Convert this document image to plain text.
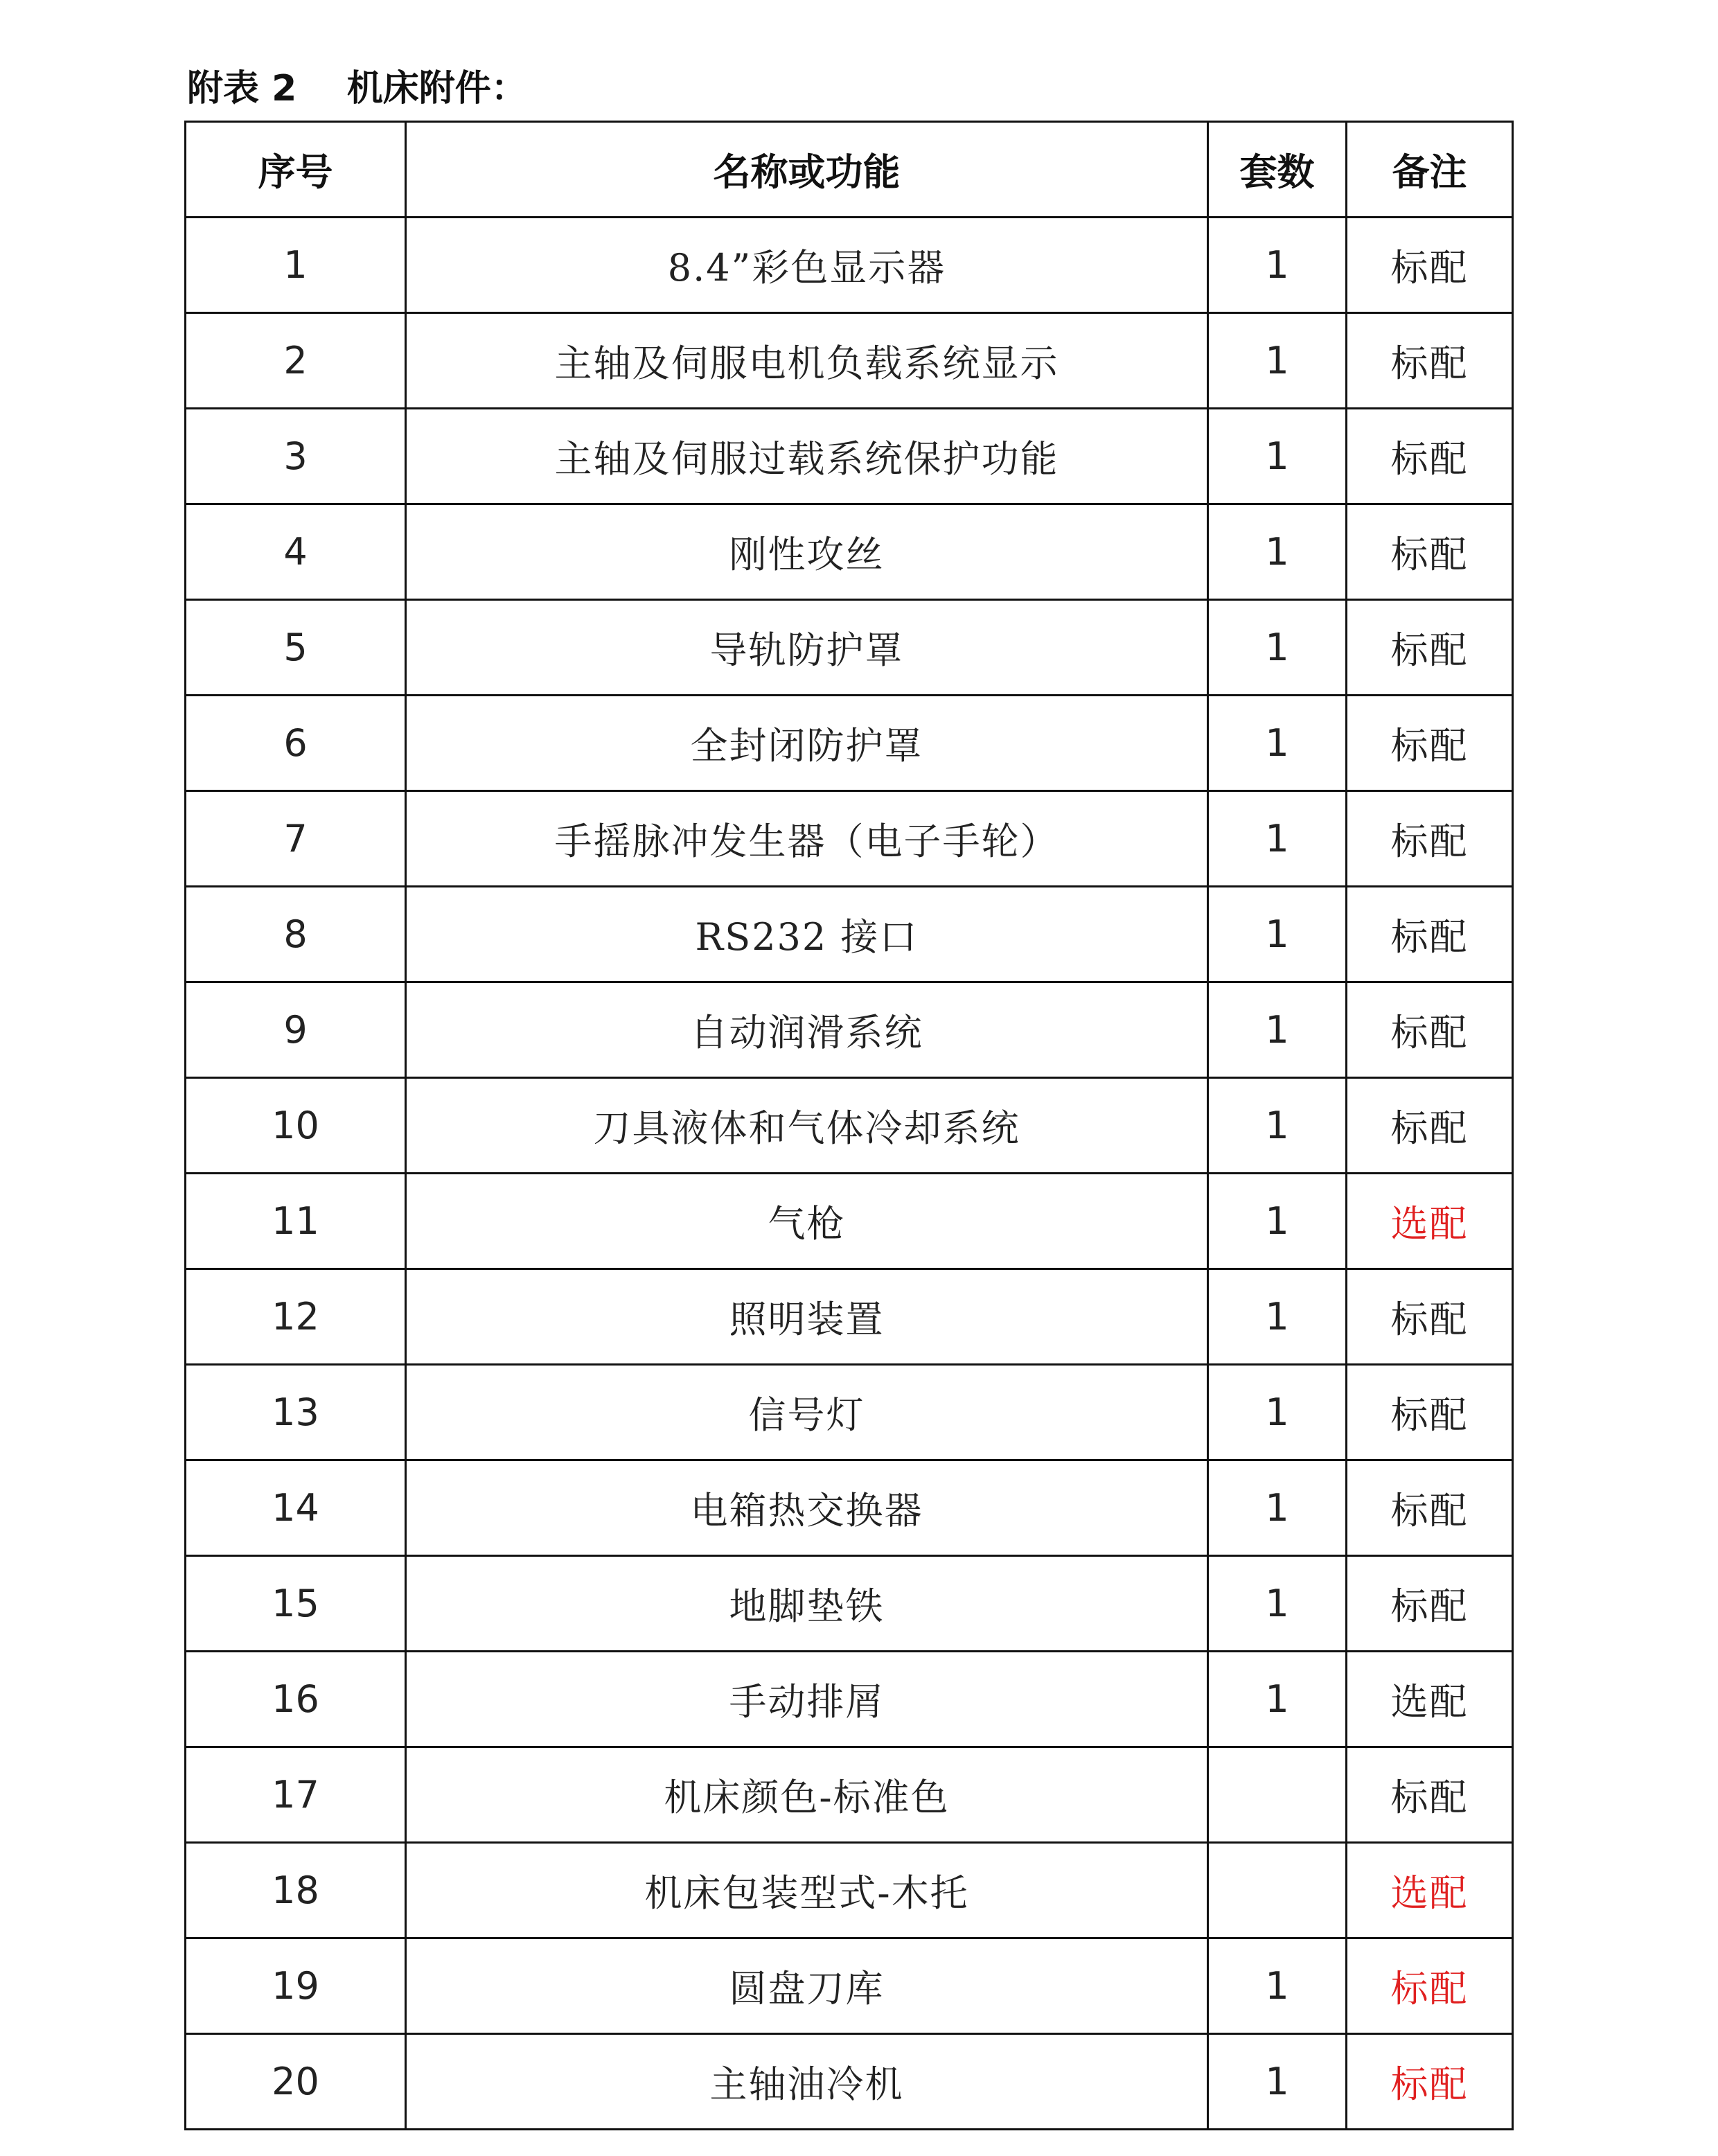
附表 2    机床附件：
序号	名称或功能	套数	备注
1	8.4”彩色显示器	1	标配
2	主轴及伺服电机负载系统显示	1	标配
3	主轴及伺服过载系统保护功能	1	标配
4	刚性攻丝	1	标配
5	导轨防护罩	1	标配
6	全封闭防护罩	1	标配
7	手摇脉冲发生器（电子手轮）	1	标配
8	RS232 接口	1	标配
9	自动润滑系统	1	标配
10	刀具液体和气体冷却系统	1	标配
11	气枪	1	选配
12	照明装置	1	标配
13	信号灯	1	标配
14	电箱热交换器	1	标配
15	地脚垫铁	1	标配
16	手动排屑	1	选配
17	机床颜色-标准色		标配
18	机床包装型式-木托		选配
19	圆盘刀库	1	标配
20	主轴油冷机	1	标配
